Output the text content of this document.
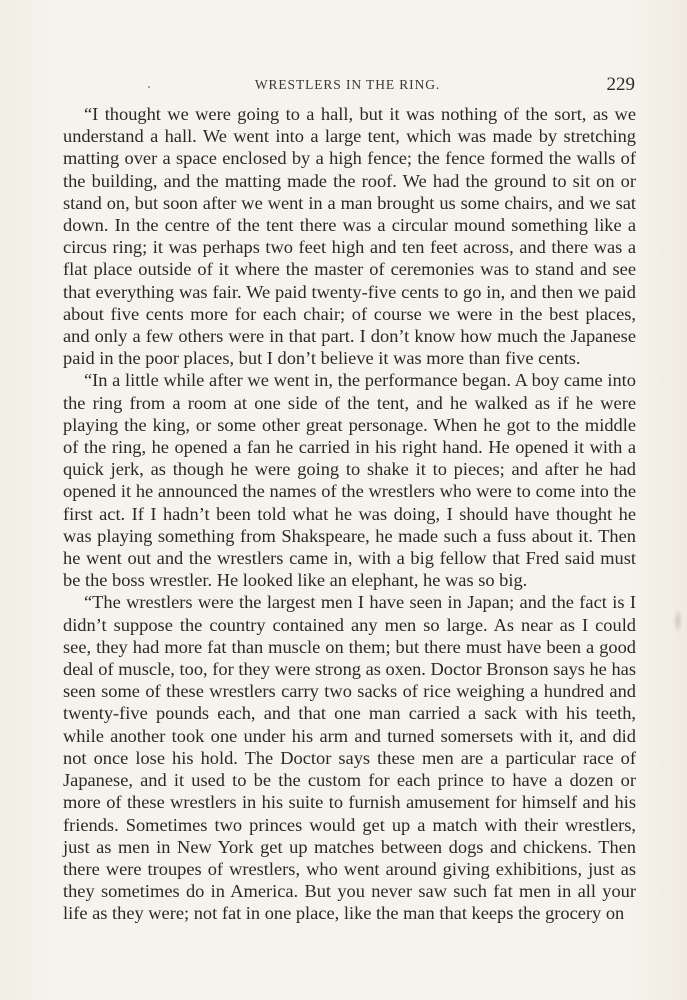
WRESTLERS IN THE RING.	229

“I thought we were going to a hall, but it was nothing of the sort, as we understand a hall. We went into a large tent, which was made by stretching matting over a space enclosed by a high fence; the fence formed the walls of the building, and the matting made the roof. We had the ground to sit on or stand on, but soon after we went in a man brought us some chairs, and we sat down. In the centre of the tent there was a circular mound something like a circus ring; it was perhaps two feet high and ten feet across, and there was a flat place outside of it where the master of ceremonies was to stand and see that everything was fair. We paid twenty-five cents to go in, and then we paid about five cents more for each chair; of course we were in the best places, and only a few others were in that part. I don’t know how much the Japanese paid in the poor places, but I don’t believe it was more than five cents.

“In a little while after we went in, the performance began. A boy came into the ring from a room at one side of the tent, and he walked as if he were playing the king, or some other great personage. When he got to the middle of the ring, he opened a fan he carried in his right hand. He opened it with a quick jerk, as though he were going to shake it to pieces; and after he had opened it he announced the names of the wrestlers who were to come into the first act. If I hadn’t been told what he was doing, I should have thought he was playing something from Shakspeare, he made such a fuss about it. Then he went out and the wrestlers came in, with a big fellow that Fred said must be the boss wrestler. He looked like an elephant, he was so big.

“The wrestlers were the largest men I have seen in Japan; and the fact is I didn’t suppose the country contained any men so large. As near as I could see, they had more fat than muscle on them; but there must have been a good deal of muscle, too, for they were strong as oxen. Doctor Bronson says he has seen some of these wrestlers carry two sacks of rice weighing a hundred and twenty-five pounds each, and that one man carried a sack with his teeth, while another took one under his arm and turned somersets with it, and did not once lose his hold. The Doctor says these men are a particular race of Japanese, and it used to be the custom for each prince to have a dozen or more of these wrestlers in his suite to furnish amusement for himself and his friends. Sometimes two princes would get up a match with their wrestlers, just as men in New York get up matches between dogs and chickens. Then there were troupes of wrestlers, who went around giving exhibitions, just as they sometimes do in America. But you never saw such fat men in all your life as they were; not fat in one place, like the man that keeps the grocery on
